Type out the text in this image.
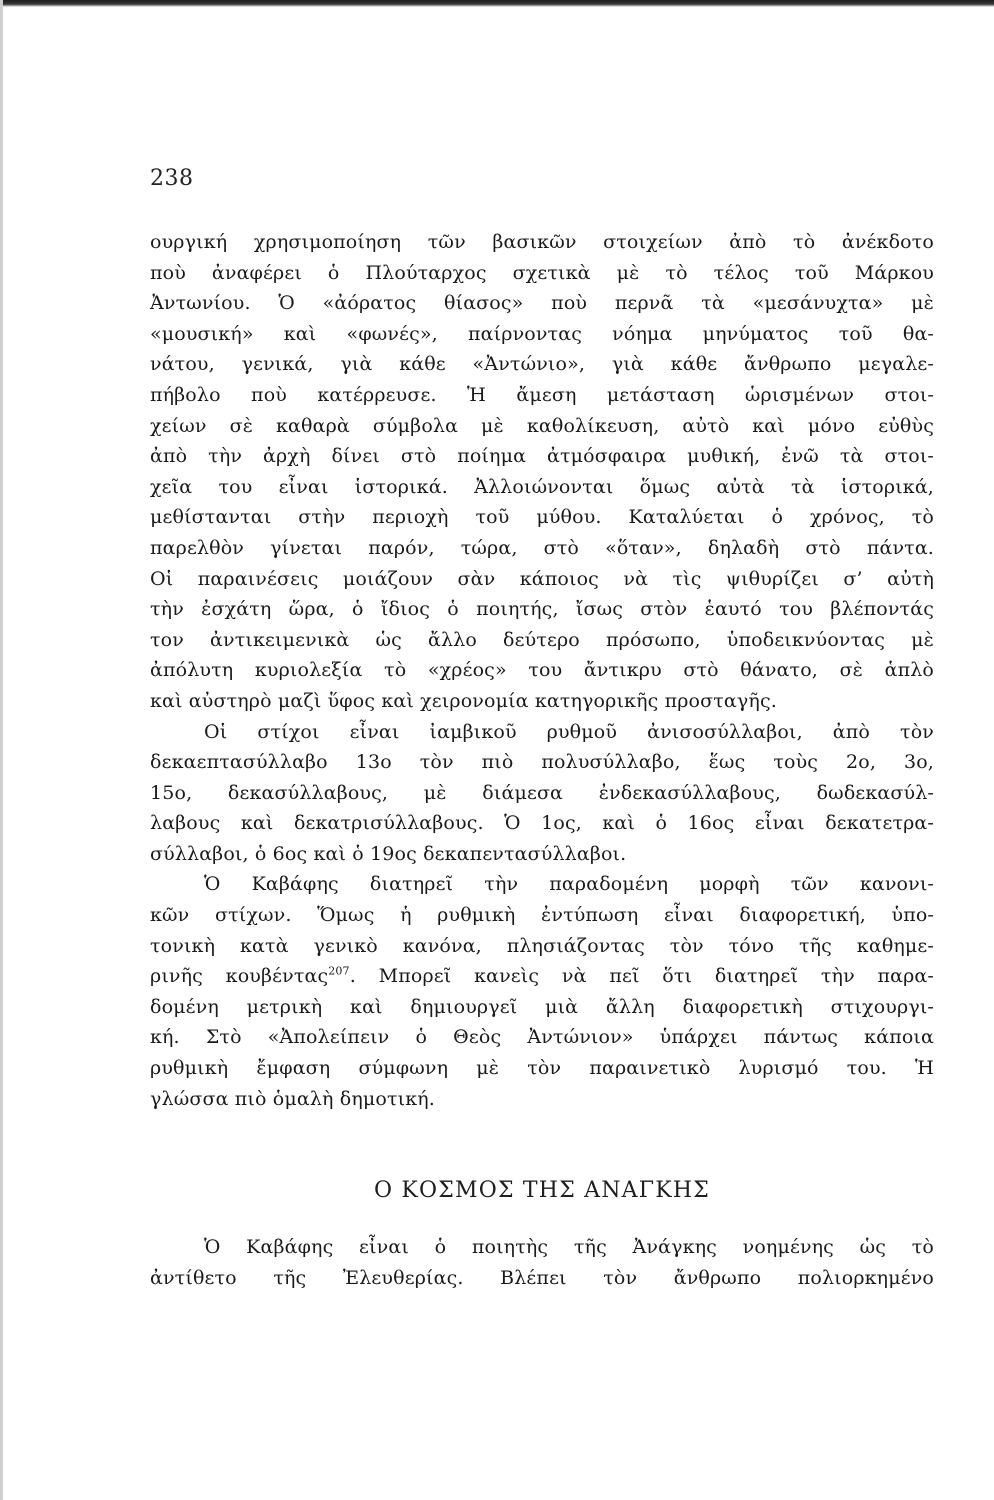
238
ουργική χρησιμοποίηση τῶν βασικῶν στοιχείων ἀπὸ τὸ ἀνέκδοτο
ποὺ ἀναφέρει ὁ Πλούταρχος σχετικὰ μὲ τὸ τέλος τοῦ Μάρκου
Ἀντωνίου. Ὁ «ἀόρατος θίασος» ποὺ περνᾶ τὰ «μεσάνυχτα» μὲ
«μουσική» καὶ «φωνές», παίρνοντας νόημα μηνύματος τοῦ θα-
νάτου, γενικά, γιὰ κάθε «Ἀντώνιο», γιὰ κάθε ἄνθρωπο μεγαλε-
πήβολο ποὺ κατέρρευσε. Ἡ ἄμεση μετάσταση ὡρισμένων στοι-
χείων σὲ καθαρὰ σύμβολα μὲ καθολίκευση, αὐτὸ καὶ μόνο εὐθὺς
ἀπὸ τὴν ἀρχὴ δίνει στὸ ποίημα ἀτμόσφαιρα μυθική, ἐνῶ τὰ στοι-
χεῖα του εἶναι ἱστορικά. Ἀλλοιώνονται ὅμως αὐτὰ τὰ ἱστορικά,
μεθίστανται στὴν περιοχὴ τοῦ μύθου. Καταλύεται ὁ χρόνος, τὸ
παρελθὸν γίνεται παρόν, τώρα, στὸ «ὅταν», δηλαδὴ στὸ πάντα.
Οἱ παραινέσεις μοιάζουν σὰν κάποιος νὰ τὶς ψιθυρίζει σ’ αὐτὴ
τὴν ἐσχάτη ὥρα, ὁ ἴδιος ὁ ποιητής, ἴσως στὸν ἑαυτό του βλέποντάς
τον ἀντικειμενικὰ ὡς ἄλλο δεύτερο πρόσωπο, ὑποδεικνύοντας μὲ
ἀπόλυτη κυριολεξία τὸ «χρέος» του ἄντικρυ στὸ θάνατο, σὲ ἁπλὸ
καὶ αὐστηρὸ μαζὶ ὕφος καὶ χειρονομία κατηγορικῆς προσταγῆς.
Οἱ στίχοι εἶναι ἰαμβικοῦ ρυθμοῦ ἀνισοσύλλαβοι, ἀπὸ τὸν
δεκαεπτασύλλαβο 13ο τὸν πιὸ πολυσύλλαβο, ἕως τοὺς 2ο, 3ο,
15ο, δεκασύλλαβους, μὲ διάμεσα ἐνδεκασύλλαβους, δωδεκασύλ-
λαβους καὶ δεκατρισύλλαβους. Ὁ 1ος, καὶ ὁ 16ος εἶναι δεκατετρα-
σύλλαβοι, ὁ 6ος καὶ ὁ 19ος δεκαπεντασύλλαβοι.
Ὁ Καβάφης διατηρεῖ τὴν παραδομένη μορφὴ τῶν κανονι-
κῶν στίχων. Ὅμως ἡ ρυθμικὴ ἐντύπωση εἶναι διαφορετική, ὑπο-
τονικὴ κατὰ γενικὸ κανόνα, πλησιάζοντας τὸν τόνο τῆς καθημε-
ρινῆς κουβέντας$^{207}$. Μπορεῖ κανεὶς νὰ πεῖ ὅτι διατηρεῖ τὴν παρα-
δομένη μετρικὴ καὶ δημιουργεῖ μιὰ ἄλλη διαφορετικὴ στιχουργι-
κή. Στὸ «Ἀπολείπειν ὁ Θεὸς Ἀντώνιον» ὑπάρχει πάντως κάποια
ρυθμικὴ ἔμφαση σύμφωνη μὲ τὸν παραινετικὸ λυρισμό του. Ἡ
γλώσσα πιὸ ὁμαλὴ δημοτική.
Ο ΚΟΣΜΟΣ ΤΗΣ ΑΝΑΓΚΗΣ
Ὁ Καβάφης εἶναι ὁ ποιητὴς τῆς Ἀνάγκης νοημένης ὡς τὸ
ἀντίθετο τῆς Ἐλευθερίας. Βλέπει τὸν ἄνθρωπο πολιορκημένο
